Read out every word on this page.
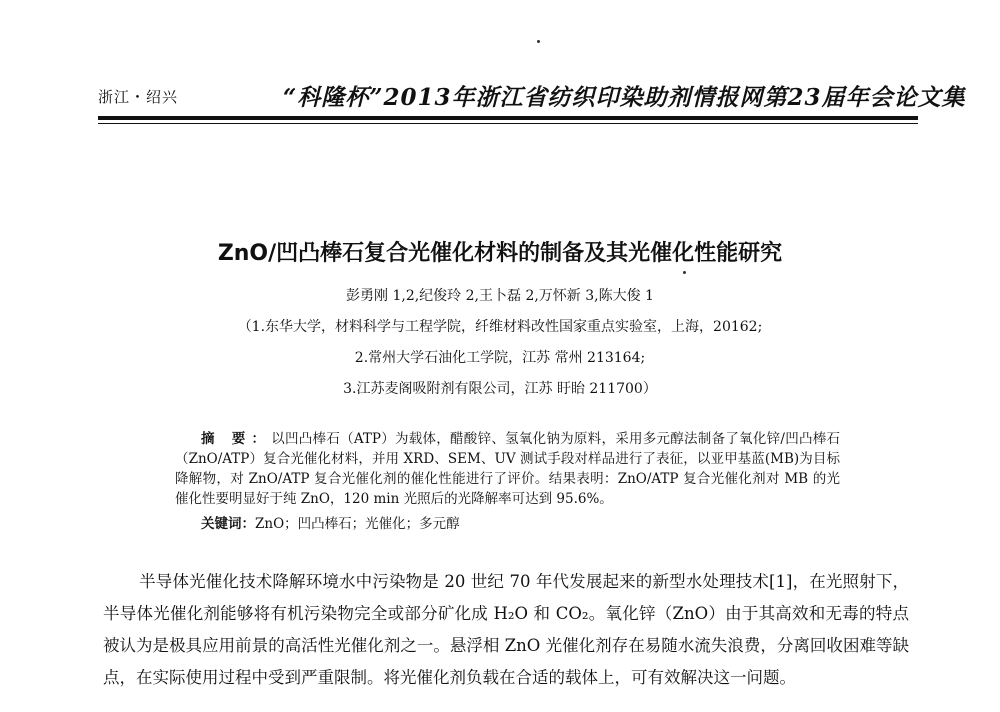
浙江・绍兴	“科隆杯”2013年浙江省纺织印染助剂情报网第23届年会论文集
ZnO/凹凸棒石复合光催化材料的制备及其光催化性能研究
彭勇刚 1,2,纪俊玲 2,王卜磊 2,万怀新 3,陈大俊 1
（1.东华大学，材料科学与工程学院，纤维材料改性国家重点实验室，上海，20162;
2.常州大学石油化工学院，江苏 常州 213164;
3.江苏麦阁吸附剂有限公司，江苏 盱眙 211700）
摘 要：以凹凸棒石（ATP）为载体，醋酸锌、氢氧化钠为原料，采用多元醇法制备了氧化锌/凹凸棒石（ZnO/ATP）复合光催化材料，并用 XRD、SEM、UV 测试手段对样品进行了表征，以亚甲基蓝(MB)为目标降解物，对 ZnO/ATP 复合光催化剂的催化性能进行了评价。结果表明：ZnO/ATP 复合光催化剂对 MB 的光催化性要明显好于纯 ZnO，120 min 光照后的光降解率可达到 95.6%。
关键词：ZnO；凹凸棒石；光催化；多元醇
半导体光催化技术降解环境水中污染物是 20 世纪 70 年代发展起来的新型水处理技术[1]，在光照射下，半导体光催化剂能够将有机污染物完全或部分矿化成 H₂O 和 CO₂。氧化锌（ZnO）由于其高效和无毒的特点被认为是极具应用前景的高活性光催化剂之一。悬浮相 ZnO 光催化剂存在易随水流失浪费，分离回收困难等缺点，在实际使用过程中受到严重限制。将光催化剂负载在合适的载体上，可有效解决这一问题。
